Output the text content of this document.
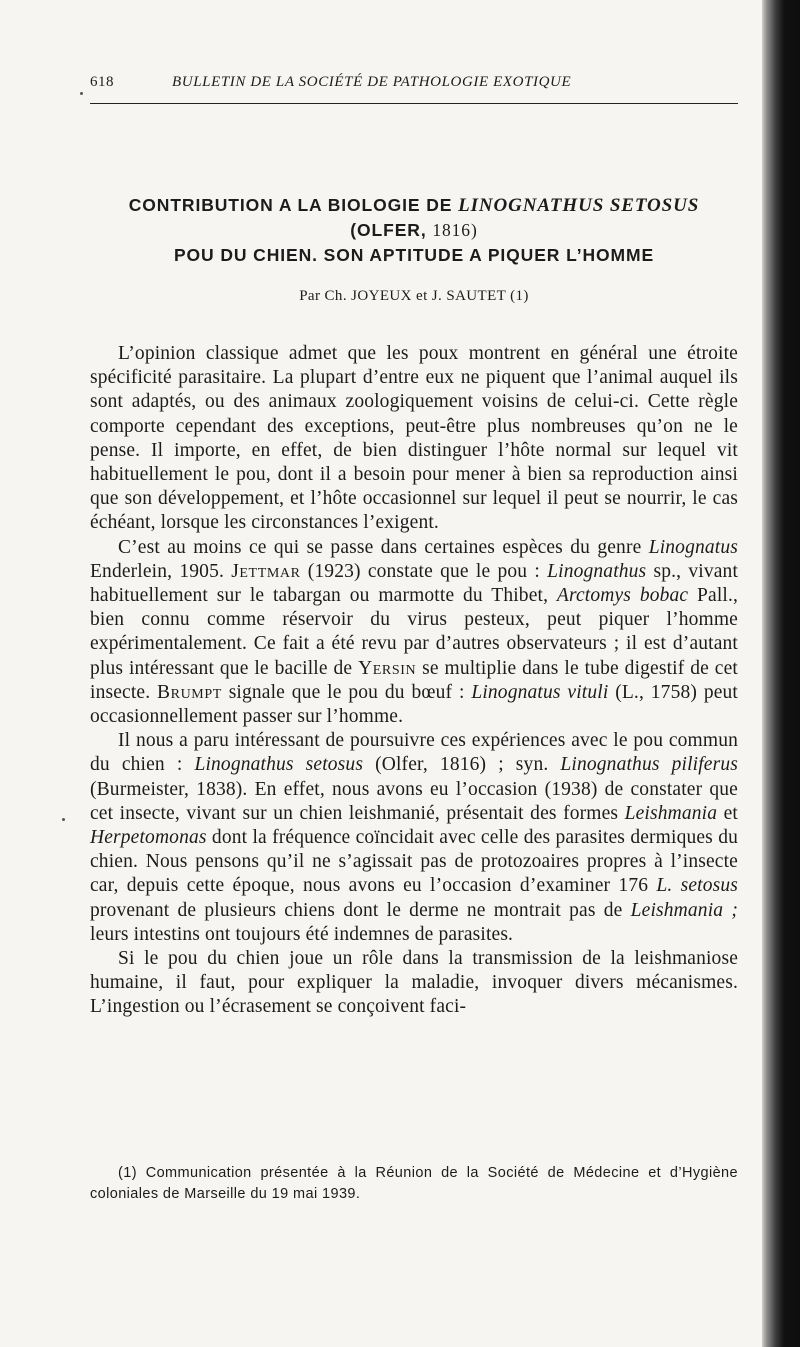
618	BULLETIN DE LA SOCIÉTÉ DE PATHOLOGIE EXOTIQUE
CONTRIBUTION A LA BIOLOGIE DE LINOGNATHUS SETOSUS
(OLFER, 1816)
POU DU CHIEN. SON APTITUDE A PIQUER L’HOMME
Par Ch. JOYEUX et J. SAUTET (1)

L’opinion classique admet que les poux montrent en général une étroite spécificité parasitaire. La plupart d’entre eux ne piquent que l’animal auquel ils sont adaptés, ou des animaux zoologiquement voisins de celui-ci. Cette règle comporte cependant des exceptions, peut-être plus nombreuses qu’on ne le pense. Il importe, en effet, de bien distinguer l’hôte normal sur lequel vit habituellement le pou, dont il a besoin pour mener à bien sa reproduction ainsi que son développement, et l’hôte occasionnel sur lequel il peut se nourrir, le cas échéant, lorsque les circonstances l’exigent.

C’est au moins ce qui se passe dans certaines espèces du genre Linognatus Enderlein, 1905. Jettmar (1923) constate que le pou : Linognathus sp., vivant habituellement sur le tabargan ou marmotte du Thibet, Arctomys bobac Pall., bien connu comme réservoir du virus pesteux, peut piquer l’homme expérimentalement. Ce fait a été revu par d’autres observateurs ; il est d’autant plus intéressant que le bacille de Yersin se multiplie dans le tube digestif de cet insecte. Brumpt signale que le pou du bœuf : Linognatus vituli (L., 1758) peut occasionnellement passer sur l’homme.

Il nous a paru intéressant de poursuivre ces expériences avec le pou commun du chien : Linognathus setosus (Olfer, 1816) ; syn. Linognathus piliferus (Burmeister, 1838). En effet, nous avons eu l’occasion (1938) de constater que cet insecte, vivant sur un chien leishmanié, présentait des formes Leishmania et Herpetomonas dont la fréquence coïncidait avec celle des parasites dermiques du chien. Nous pensons qu’il ne s’agissait pas de protozoaires propres à l’insecte car, depuis cette époque, nous avons eu l’occasion d’examiner 176 L. setosus provenant de plusieurs chiens dont le derme ne montrait pas de Leishmania ; leurs intestins ont toujours été indemnes de parasites.

Si le pou du chien joue un rôle dans la transmission de la leishmaniose humaine, il faut, pour expliquer la maladie, invoquer divers mécanismes. L’ingestion ou l’écrasement se conçoivent faci-

(1) Communication présentée à la Réunion de la Société de Médecine et d’Hygiène coloniales de Marseille du 19 mai 1939.
